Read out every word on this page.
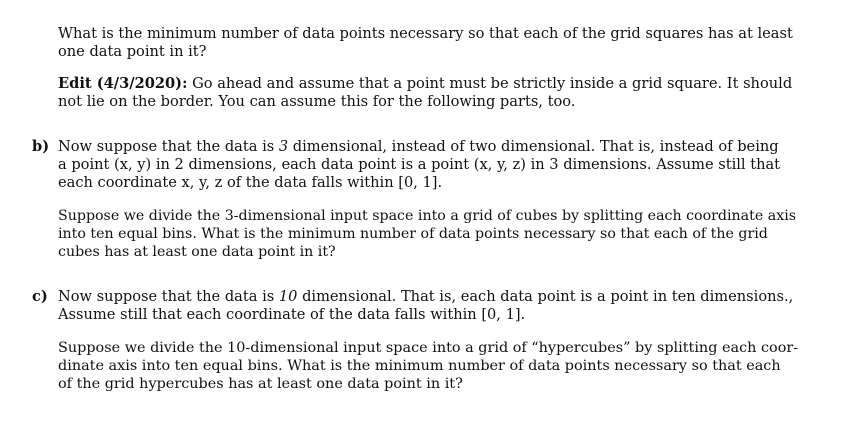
What is the minimum number of data points necessary so that each of the grid squares has at least
one data point in it?
Edit (4/3/2020): Go ahead and assume that a point must be strictly inside a grid square. It should
not lie on the border. You can assume this for the following parts, too.
b) Now suppose that the data is 3 dimensional, instead of two dimensional. That is, instead of being
a point (x, y) in 2 dimensions, each data point is a point (x, y, z) in 3 dimensions. Assume still that
each coordinate x, y, z of the data falls within [0, 1].
Suppose we divide the 3-dimensional input space into a grid of cubes by splitting each coordinate axis
into ten equal bins. What is the minimum number of data points necessary so that each of the grid
cubes has at least one data point in it?
c) Now suppose that the data is 10 dimensional. That is, each data point is a point in ten dimensions.,
Assume still that each coordinate of the data falls within [0, 1].
Suppose we divide the 10-dimensional input space into a grid of “hypercubes” by splitting each coor-
dinate axis into ten equal bins. What is the minimum number of data points necessary so that each
of the grid hypercubes has at least one data point in it?
